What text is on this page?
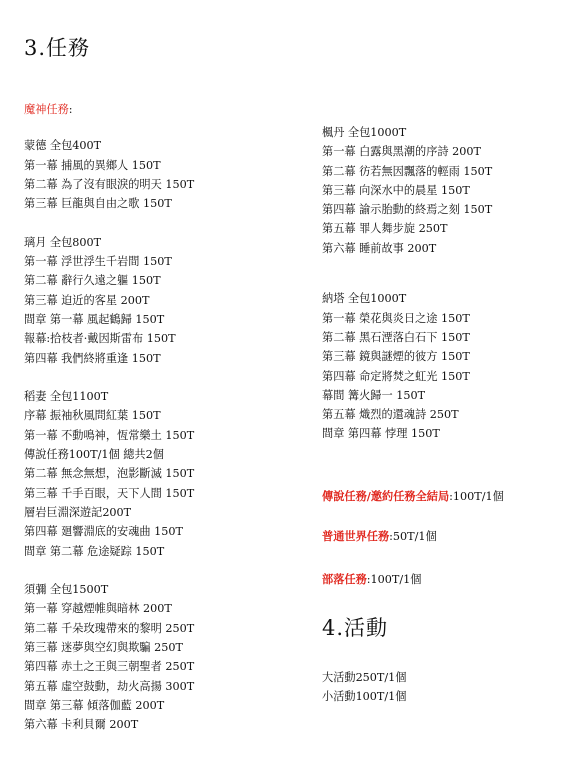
3.任務
魔神任務:
蒙德 全包400T
第一幕 捕風的異鄉人 150T
第二幕 為了沒有眼淚的明天 150T
第三幕 巨龍與自由之歌 150T
璃月 全包800T
第一幕 浮世浮生千岩間 150T
第二幕 辭行久遠之軀 150T
第三幕 迫近的客星 200T
間章 第一幕 風起鶴歸 150T
報幕:拾枝者·戴因斯雷布 150T
第四幕 我們終將重逢 150T
稻妻 全包1100T
序幕 振袖秋風問紅葉 150T
第一幕 不動鳴神，恆常樂土 150T
傳說任務100T/1個 總共2個
第二幕 無念無想，泡影斷滅 150T
第三幕 千手百眼，天下人間 150T
層岩巨淵深遊記200T
第四幕 廻響淵底的安魂曲 150T
間章 第二幕 危途疑踪 150T
須彌 全包1500T
第一幕 穿越煙帷與暗林 200T
第二幕 千朵玫瑰帶來的黎明 250T
第三幕 迷夢與空幻與欺騙 250T
第四幕 赤土之王與三朝聖者 250T
第五幕 虛空鼓動，劫火高揚 300T
間章 第三幕 傾落伽藍 200T
第六幕 卡利貝爾 200T
楓丹 全包1000T
第一幕 白露與黑潮的序詩 200T
第二幕 彷若無因飄落的輕雨 150T
第三幕 向深水中的晨星 150T
第四幕 諭示胎動的終焉之刻 150T
第五幕 罪人舞步旋 250T
第六幕 睡前故事 200T
納塔 全包1000T
第一幕 榮花與炎日之途 150T
第二幕 黑石湮落白石下 150T
第三幕 鏡與謎煙的彼方 150T
第四幕 命定將焚之虹光 150T
幕間 篝火歸一 150T
第五幕 熾烈的還魂詩 250T
間章 第四幕 悖理 150T
傳說任務/邀約任務全結局:100T/1個
普通世界任務:50T/1個
部落任務:100T/1個
4.活動
大活動250T/1個
小活動100T/1個
